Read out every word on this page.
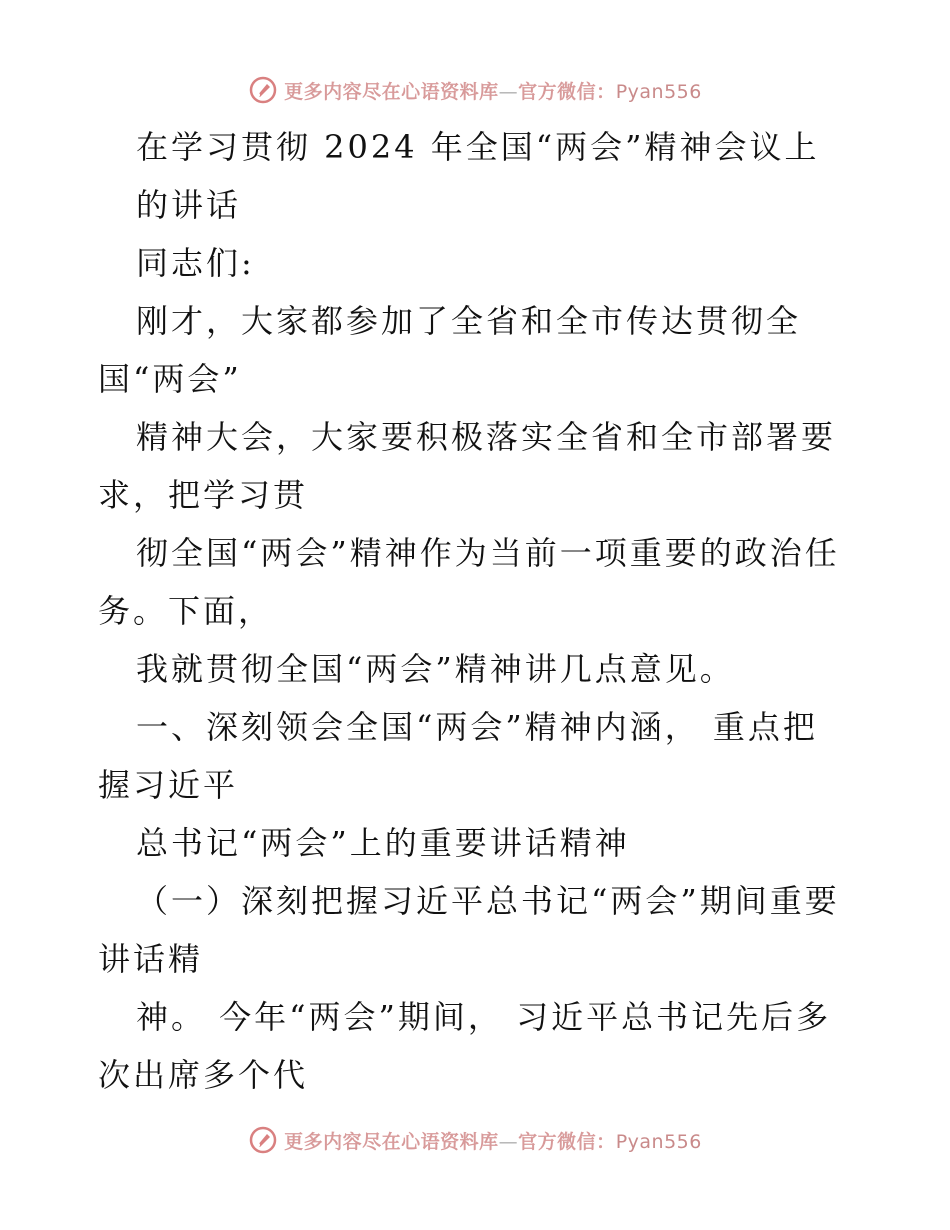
更多内容尽在心语资料库—官方微信：Pyan556
在学习贯彻 2024 年全国“两会”精神会议上
的讲话
同志们:
刚才，大家都参加了全省和全市传达贯彻全
国“两会”
精神大会，大家要积极落实全省和全市部署要
求，把学习贯
彻全国“两会”精神作为当前一项重要的政治任
务。下面，
我就贯彻全国“两会”精神讲几点意见。
一、深刻领会全国“两会”精神内涵， 重点把
握习近平
总书记“两会”上的重要讲话精神
（一）深刻把握习近平总书记“两会”期间重要
讲话精
神。 今年“两会”期间， 习近平总书记先后多
次出席多个代
更多内容尽在心语资料库—官方微信：Pyan556
